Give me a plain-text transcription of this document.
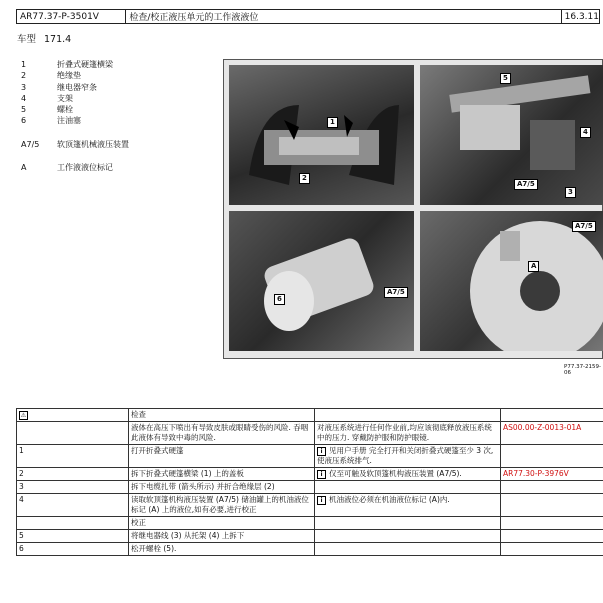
AR77.37-P-3501V	检查/校正液压单元的工作液液位	16.3.11
车型 171.4
1	折叠式硬篷横梁
2	绝缘垫
3	继电器窄条
4	支架
5	螺栓
6	注油塞
A7/5	软顶篷机械液压装置
A	工作液液位标记
1
2
5
4
A7/5
3
6
A7/5
A7/5
A
P77.37-2159-06
⚠	检查		
	液体在高压下喷出有导致皮肤或眼睛受伤的风险. 吞咽此液体有导致中毒的风险.	对液压系统进行任何作业前,均应该彻底释放液压系统中的压力. 穿戴防护服和防护眼镜.	AS00.00-Z-0013-01A
1	打开折叠式硬篷	i 见用户手册 完全打开和关闭折叠式硬篷至少 3 次, 使液压系统排气.	
2	拆下折叠式硬篷横梁 (1) 上的盖板	i 仅至可触及软顶篷机构液压装置 (A7/5).	AR77.30-P-3976V
3	拆下电缆扎带 (箭头所示) 并折合绝缘层 (2)		
4	读取软顶篷机构液压装置 (A7/5) 储油罐上的机油液位标记 (A) 上的液位,如有必要,进行校正	i 机油液位必须在机油液位标记 (A)内.	
	校正		
5	将继电器线 (3) 从托架 (4) 上拆下		
6	松开螺栓 (5).		
